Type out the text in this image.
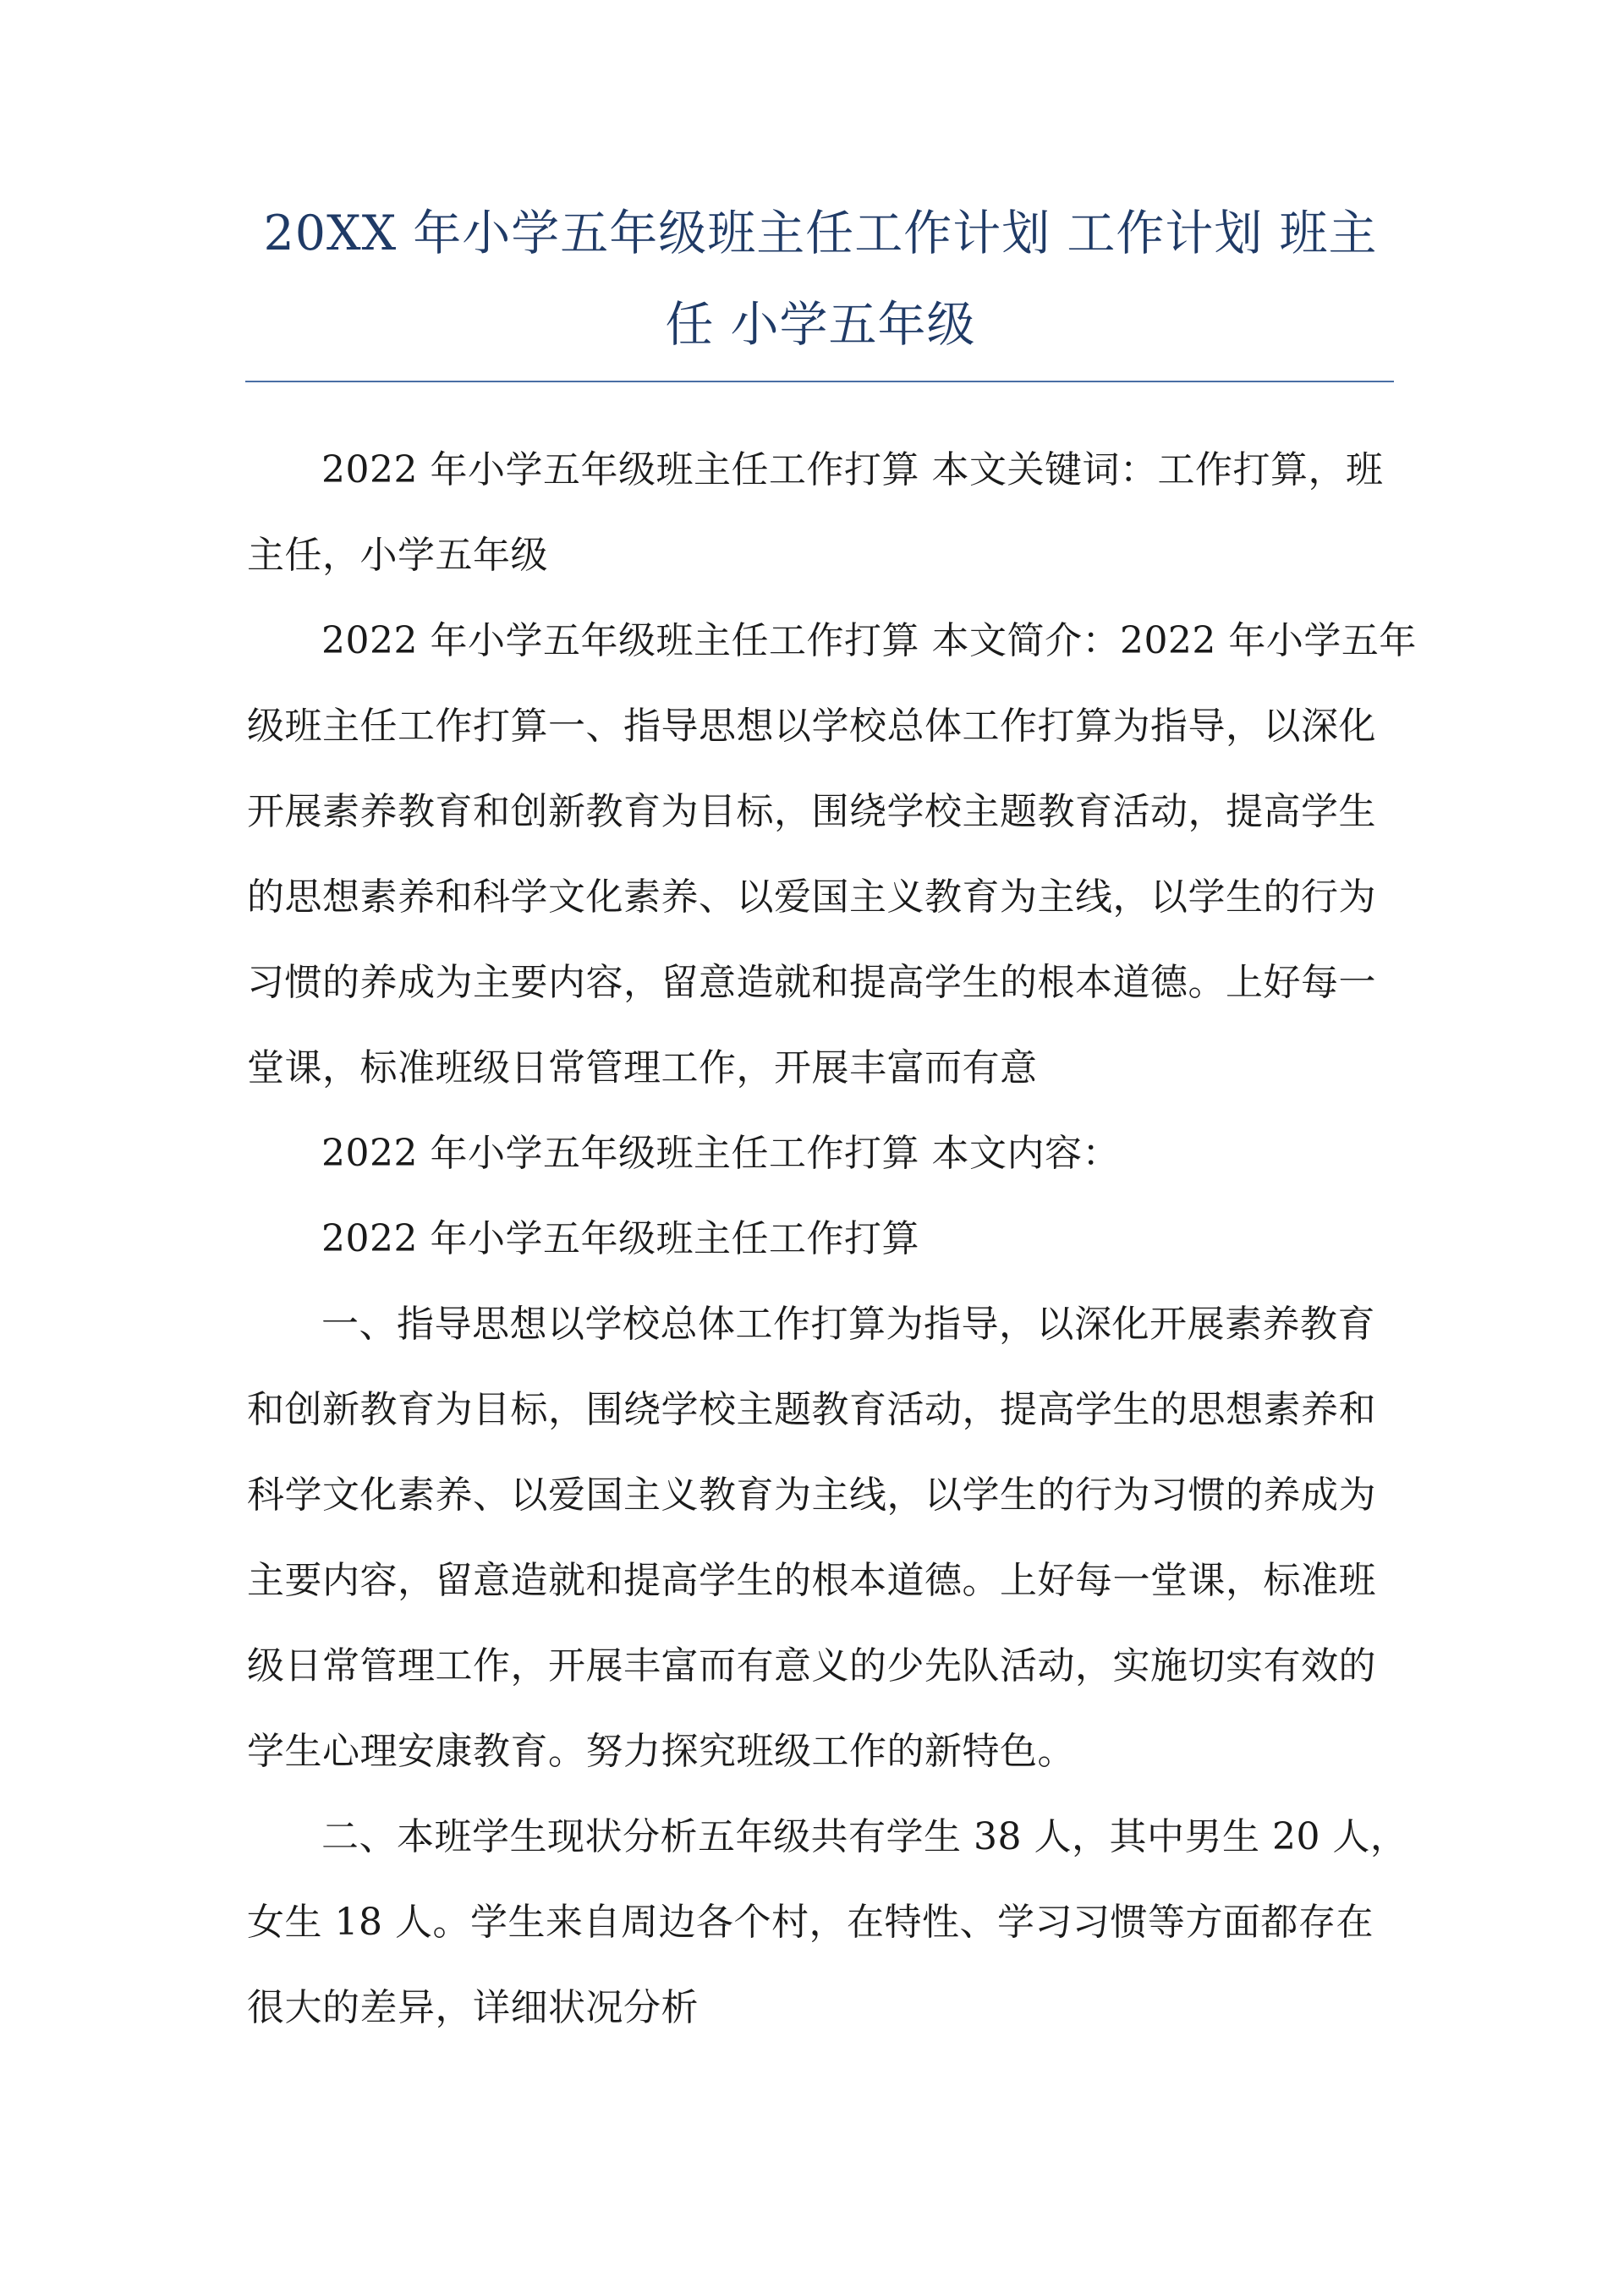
20XX 年小学五年级班主任工作计划 工作计划 班主
任 小学五年级

2022 年小学五年级班主任工作打算 本文关键词：工作打算，班
主任，小学五年级

2022 年小学五年级班主任工作打算 本文简介：2022 年小学五年
级班主任工作打算一、指导思想以学校总体工作打算为指导，以深化
开展素养教育和创新教育为目标，围绕学校主题教育活动，提高学生
的思想素养和科学文化素养、以爱国主义教育为主线，以学生的行为
习惯的养成为主要内容，留意造就和提高学生的根本道德。上好每一
堂课，标准班级日常管理工作，开展丰富而有意

2022 年小学五年级班主任工作打算 本文内容：

2022 年小学五年级班主任工作打算

一、指导思想以学校总体工作打算为指导，以深化开展素养教育
和创新教育为目标，围绕学校主题教育活动，提高学生的思想素养和
科学文化素养、以爱国主义教育为主线，以学生的行为习惯的养成为
主要内容，留意造就和提高学生的根本道德。上好每一堂课，标准班
级日常管理工作，开展丰富而有意义的少先队活动，实施切实有效的
学生心理安康教育。努力探究班级工作的新特色。

二、本班学生现状分析五年级共有学生 38 人，其中男生 20 人，
女生 18 人。学生来自周边各个村，在特性、学习习惯等方面都存在
很大的差异，详细状况分析
